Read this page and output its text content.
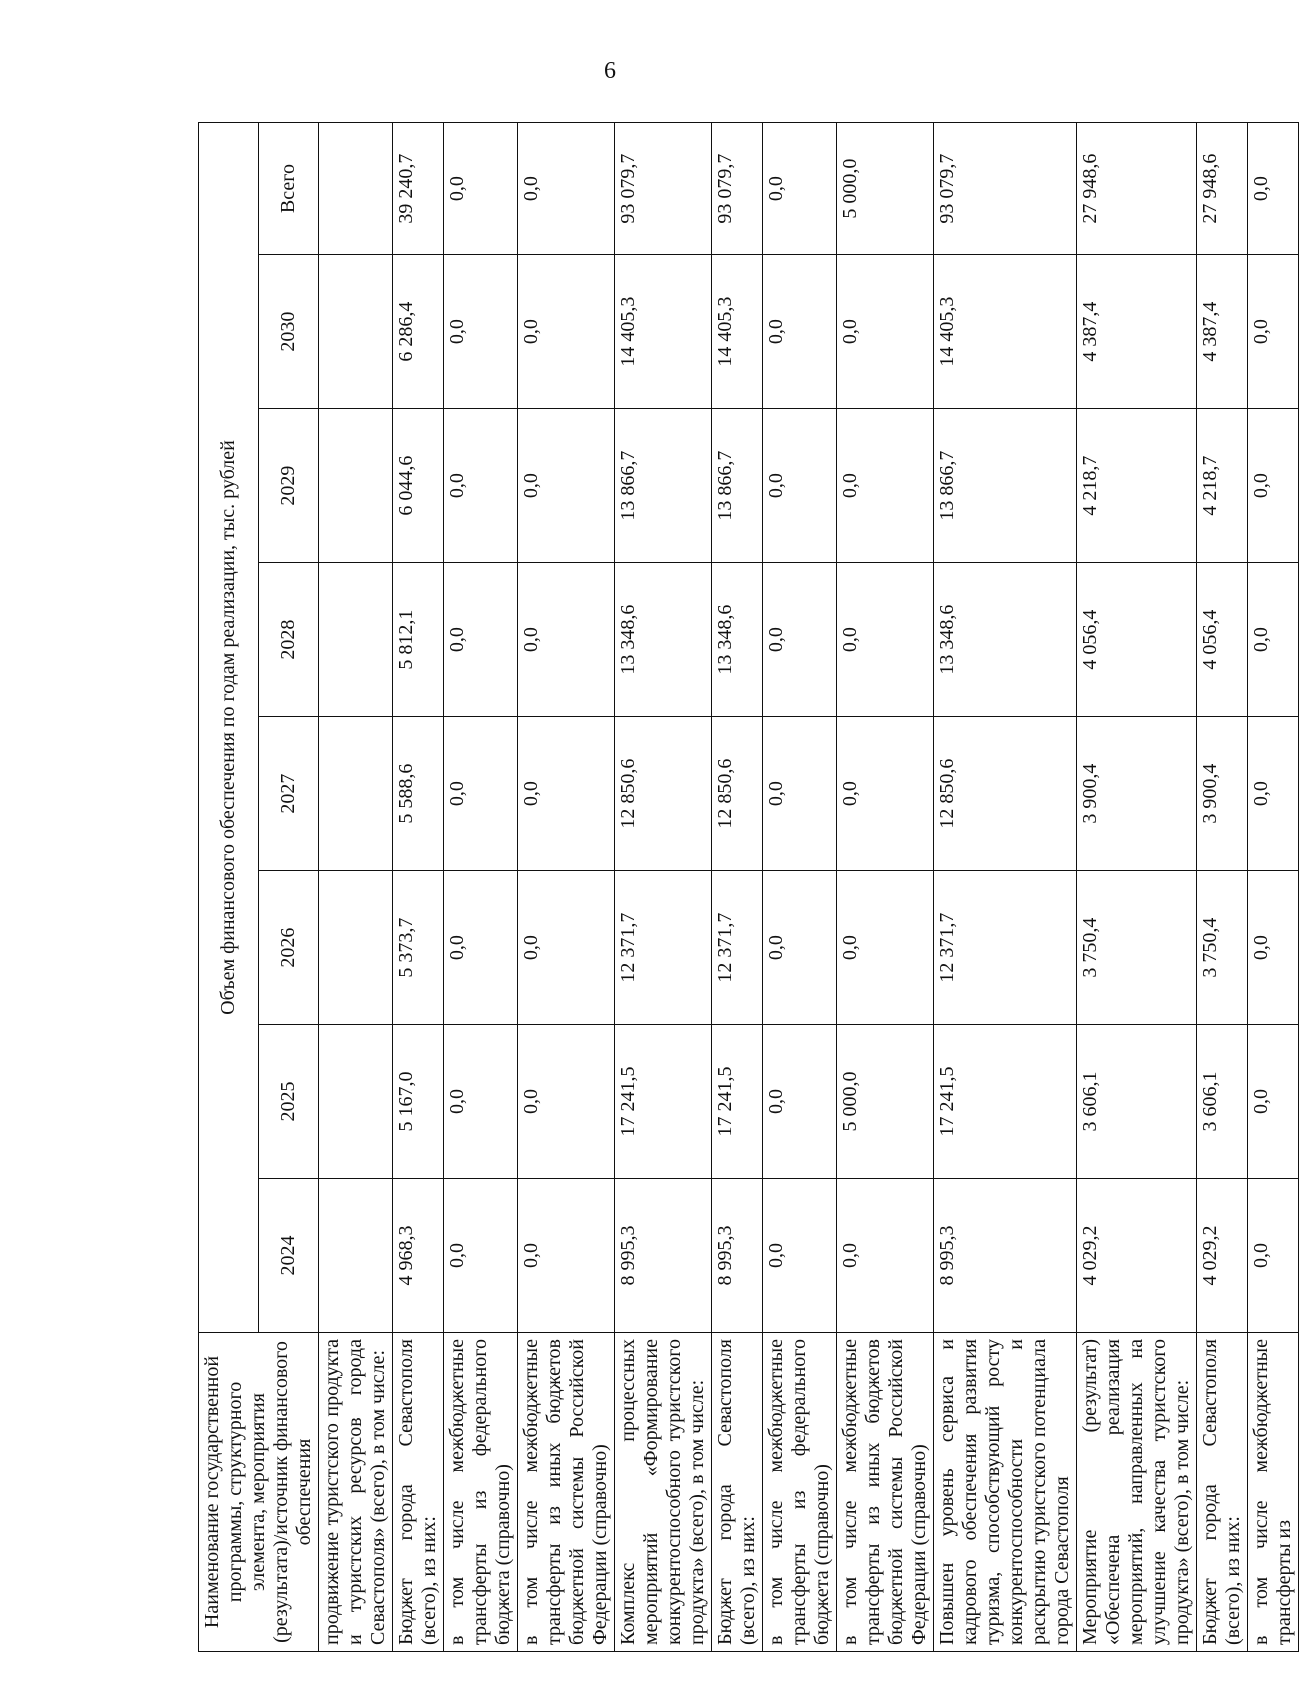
6
Наименование государственной программы, структурного элемента, мероприятия (результата)/источник финансового обеспечения	Объем финансового обеспечения по годам реализации, тыс. рублей							
	2024	2025	2026	2027	2028	2029	2030	Всего
продвижение туристского продукта и туристских ресурсов города Севастополя» (всего), в том числе:								
Бюджет города Севастополя (всего), из них:	4 968,3	5 167,0	5 373,7	5 588,6	5 812,1	6 044,6	6 286,4	39 240,7
в том числе межбюджетные трансферты из федерального бюджета (справочно)	0,0	0,0	0,0	0,0	0,0	0,0	0,0	0,0
в том числе межбюджетные трансферты из иных бюджетов бюджетной системы Российской Федерации (справочно)	0,0	0,0	0,0	0,0	0,0	0,0	0,0	0,0
Комплекс процессных мероприятий «Формирование конкурентоспособного туристского продукта» (всего), в том числе:	8 995,3	17 241,5	12 371,7	12 850,6	13 348,6	13 866,7	14 405,3	93 079,7
Бюджет города Севастополя (всего), из них:	8 995,3	17 241,5	12 371,7	12 850,6	13 348,6	13 866,7	14 405,3	93 079,7
в том числе межбюджетные трансферты из федерального бюджета (справочно)	0,0	0,0	0,0	0,0	0,0	0,0	0,0	0,0
в том числе межбюджетные трансферты из иных бюджетов бюджетной системы Российской Федерации (справочно)	0,0	5 000,0	0,0	0,0	0,0	0,0	0,0	5 000,0
Повышен уровень сервиса и кадрового обеспечения развития туризма, способствующий росту конкурентоспособности и раскрытию туристского потенциала города Севастополя	8 995,3	17 241,5	12 371,7	12 850,6	13 348,6	13 866,7	14 405,3	93 079,7
Мероприятие (результат) «Обеспечена реализация мероприятий, направленных на улучшение качества туристского продукта» (всего), в том числе:	4 029,2	3 606,1	3 750,4	3 900,4	4 056,4	4 218,7	4 387,4	27 948,6
Бюджет города Севастополя (всего), из них:	4 029,2	3 606,1	3 750,4	3 900,4	4 056,4	4 218,7	4 387,4	27 948,6
в том числе межбюджетные трансферты из	0,0	0,0	0,0	0,0	0,0	0,0	0,0	0,0
